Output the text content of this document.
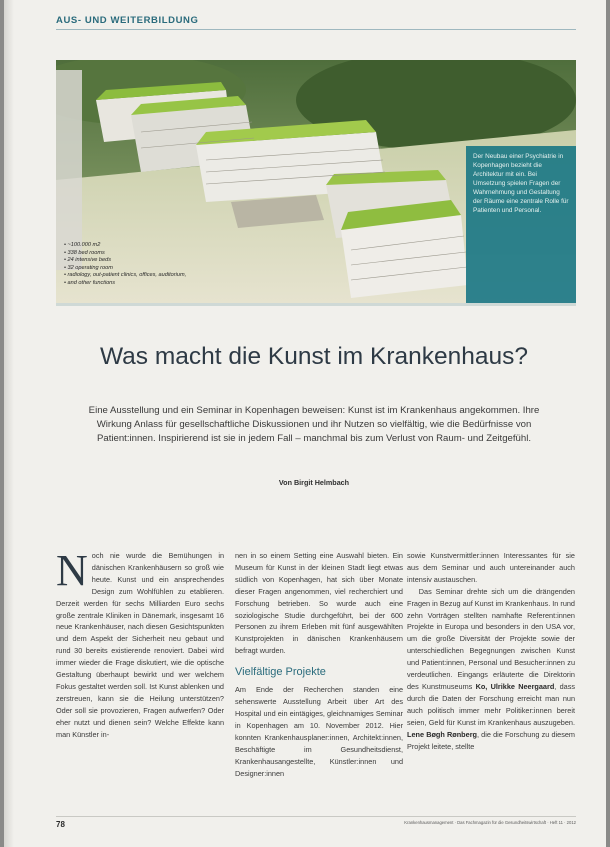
AUS- UND WEITERBILDUNG
• ~100.000 m2
• 338 bed rooms
• 24 intensive beds
• 32 operating room
• radiology, out-patient clinics, offices, auditorium,
• and other functions

Der Neubau einer Psychiatrie in Kopenhagen bezieht die Architektur mit ein. Bei Umsetzung spielen Fragen der Wahrnehmung und Gestaltung der Räume eine zentrale Rolle für Patienten und Personal.

Was macht die Kunst im Krankenhaus?
Eine Ausstellung und ein Seminar in Kopenhagen beweisen: Kunst ist im Krankenhaus angekommen. Ihre Wirkung Anlass für gesellschaftliche Diskussionen und ihr Nutzen so vielfältig, wie die Bedürfnisse von Patient:innen. Inspirierend ist sie in jedem Fall – manchmal bis zum Verlust von Raum- und Zeitgefühl.
Von Birgit Helmbach
N och nie wurde die Bemühungen in dänischen Krankenhäusern so groß wie heute. Kunst und ein ansprechendes Design zum Wohlfühlen zu etablieren. Derzeit werden für sechs Milliarden Euro sechs große zentrale Kliniken in Dänemark, insgesamt 16 neue Krankenhäuser, nach diesen Gesichtspunkten und dem Aspekt der Sicherheit neu gebaut und rund 30 bereits existierende renoviert. Dabei wird immer wieder die Frage diskutiert, wie die optische Gestaltung überhaupt bewirkt und wer welchem Fokus gestaltet werden soll. Ist Kunst ablenken und zerstreuen, kann sie die Heilung unterstützen? Oder soll sie provozieren, Fragen aufwerfen? Oder eher nutzt und dienen sein? Welche Effekte kann man Künstler in-

nen in so einem Setting eine Auswahl bieten. Ein Museum für Kunst in der kleinen Stadt liegt etwas südlich von Kopenhagen, hat sich über Monate dieser Fragen angenommen, viel recherchiert und Forschung betrieben. So wurde auch eine soziologische Studie durchgeführt, bei der 600 Personen zu ihrem Erleben mit fünf ausgewählten Kunstprojekten in dänischen Krankenhäusern befragt wurden.

Vielfältige Projekte

Am Ende der Recherchen standen eine sehenswerte Ausstellung Arbeit über Art des Hospital und ein eintägiges, gleichnamiges Seminar in Kopenhagen am 10. November 2012. Hier konnten Krankenhausplaner:innen, Architekt:innen, Beschäftigte im Gesundheitsdienst, Krankenhausangestellte, Künstler:innen und Designer:innen

sowie Kunstvermittler:innen Interessantes für sie aus dem Seminar und auch untereinander auch intensiv austauschen.

Das Seminar drehte sich um die drängenden Fragen in Bezug auf Kunst im Krankenhaus. In rund zehn Vorträgen stellten namhafte Referent:innen Projekte in Europa und besonders in den USA vor, um die große Diversität der Projekte sowie der unterschiedlichen Begegnungen zwischen Kunst und Patient:innen, Personal und Besucher:innen zu verdeutlichen. Eingangs erläuterte die Direktorin des Kunstmuseums Ko, Ulrikke Neergaard, dass durch die Daten der Forschung erreicht man nun auch politisch immer mehr Politiker:innen bereit seien, Geld für Kunst im Krankenhaus auszugeben. Lene Bøgh Rønberg, die die Forschung zu diesem Projekt leitete, stellte

78	Krankenhausmanagement · Das Fachmagazin für die Gesundheitswirtschaft · Heft 11 · 2012
